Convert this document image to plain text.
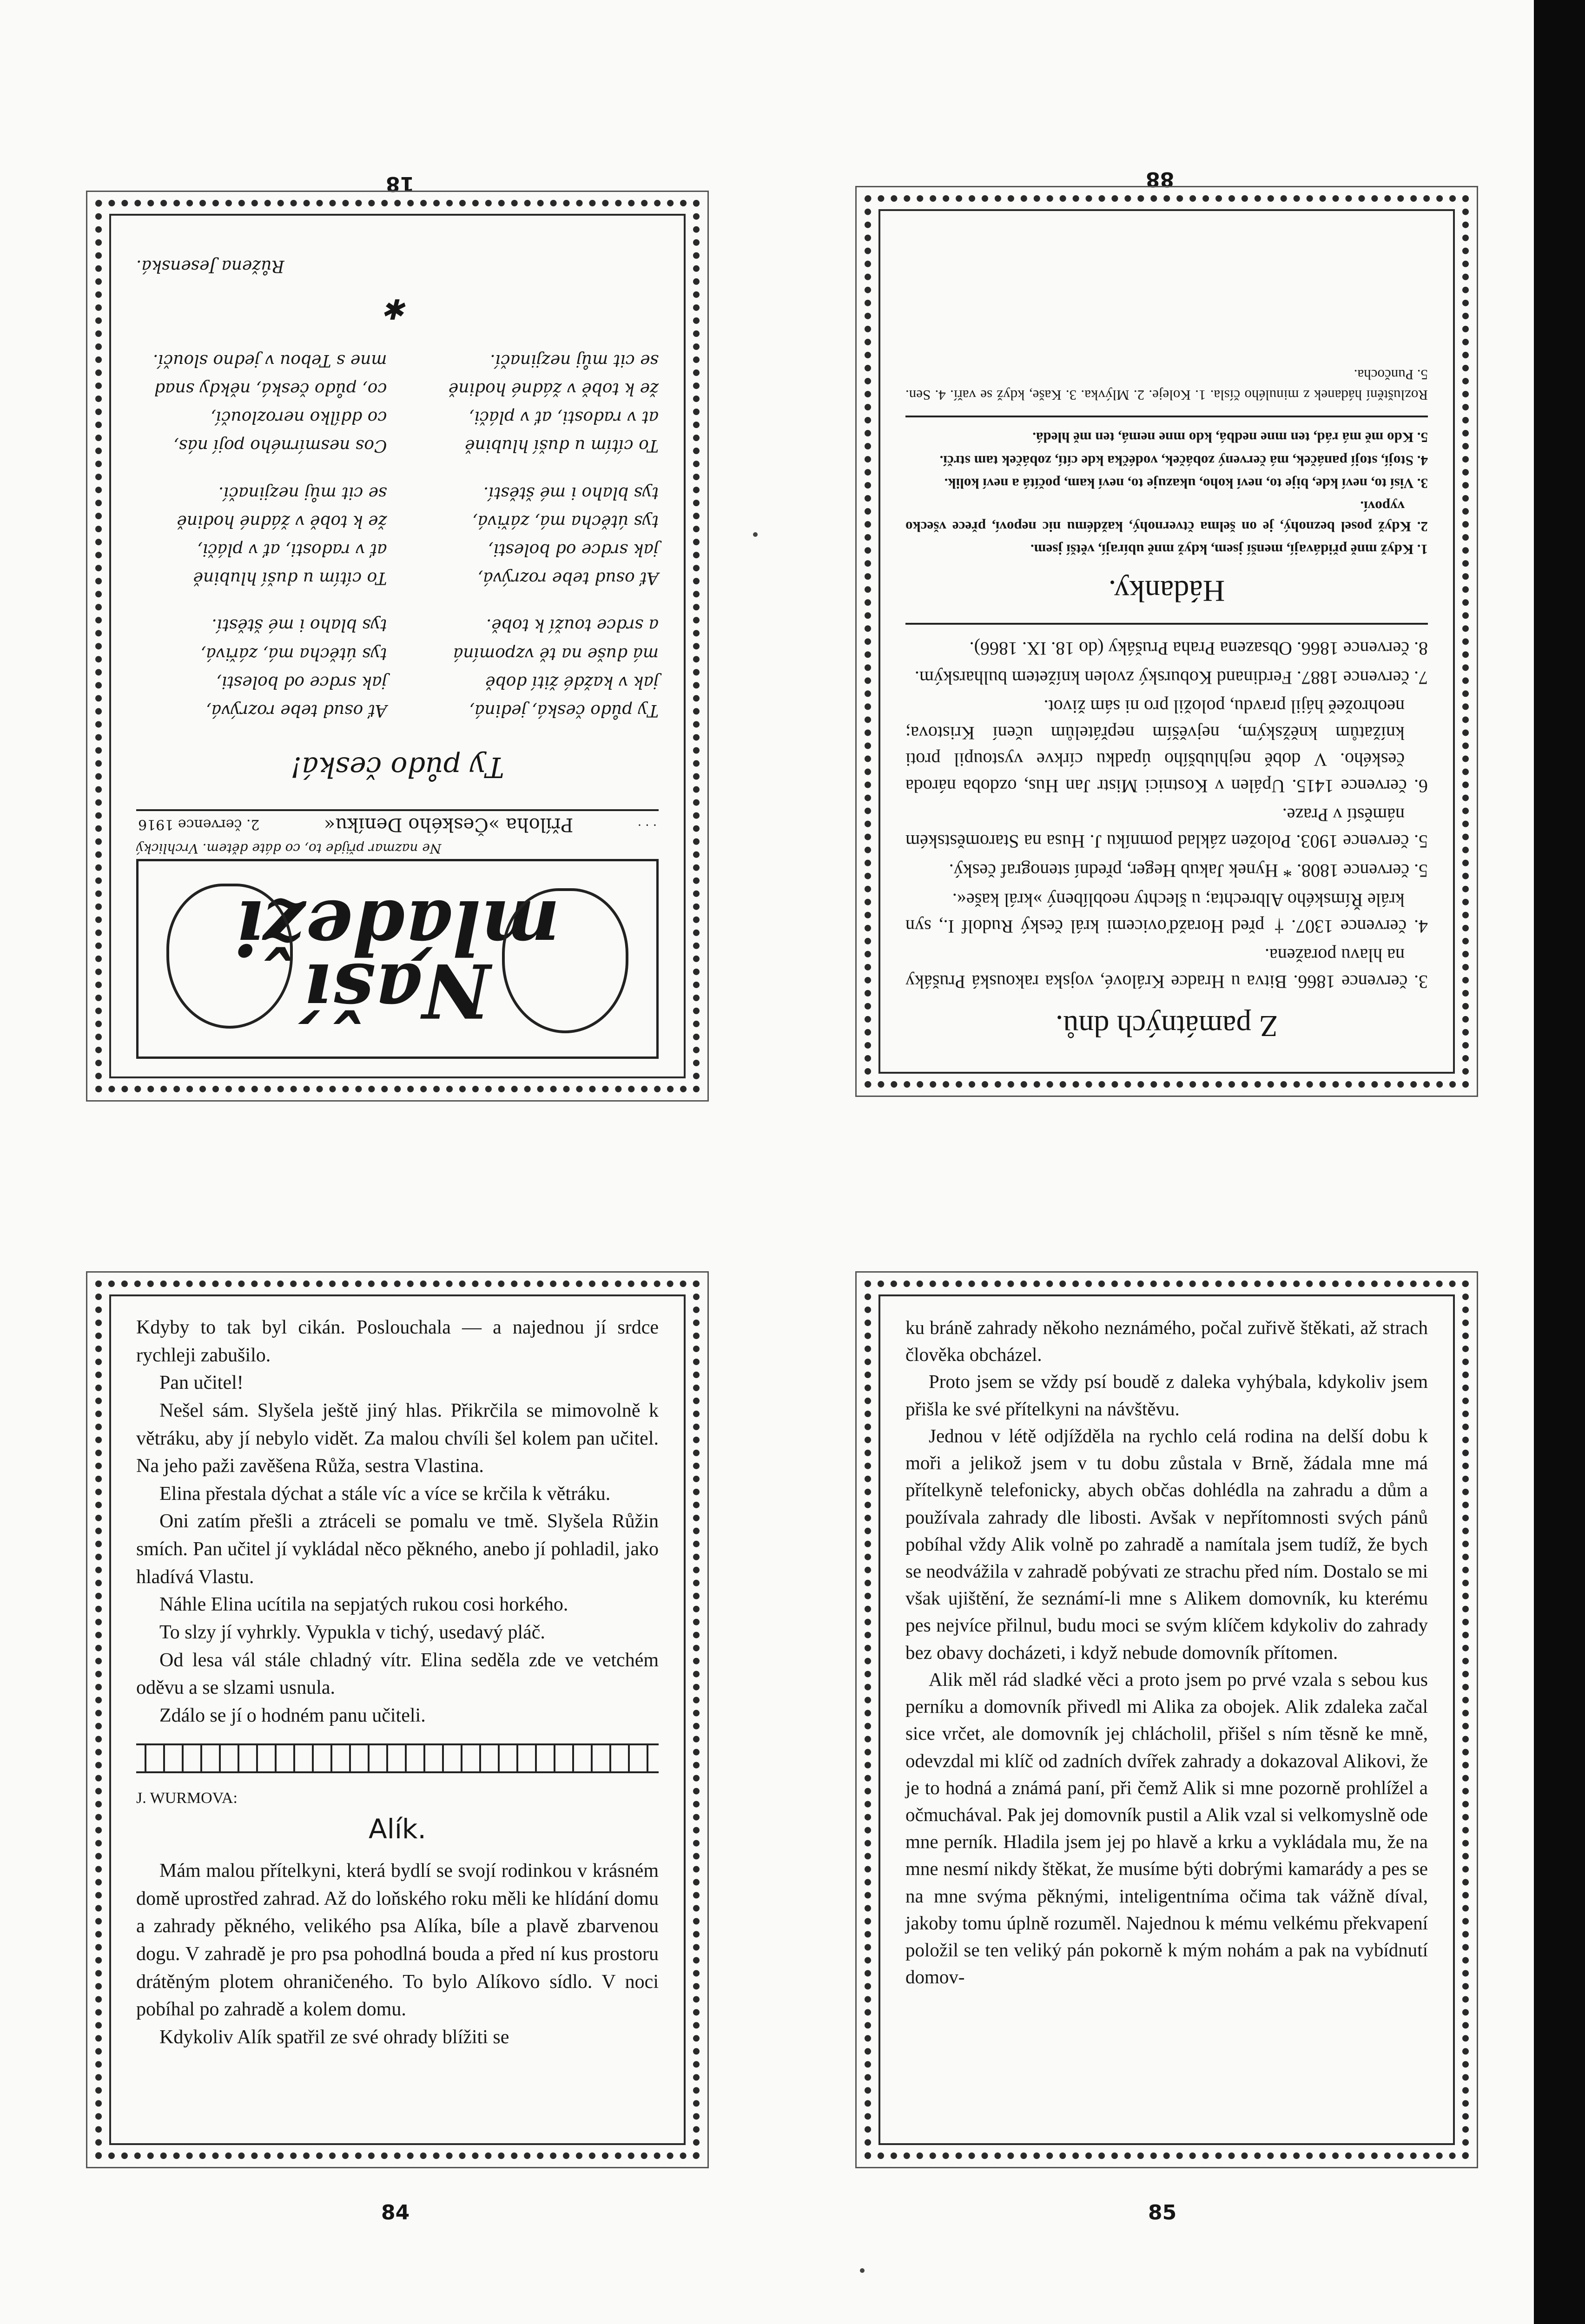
18
Naší mládeži
Ne nazmar přijde to, co dáte dětem. Vrchlický
· · ·
Příloha »Českého Deníku«
2. července 1916
Ty půdo česká!
Ty půdo česká, jediná,
jak v každé žití době
má duše na tě vzpomíná
a srdce touží k tobě.
Ať osud tebe rozrývá,
jak srdce od bolesti,
tys útěcha má, zářivá,
tys blaho i mé štěstí.
To cítím u duší hlubině
at v radosti, ať v pláči,
že k tobě v žádné hodině
se cit můj nezjinačí.
Ať osud tebe rozrývá,
jak srdce od bolesti,
tys útěcha má, zářivá,
tys blaho i mé štěstí.
To cítím u duší hlubině
ať v radosti, ať v pláči,
že k tobě v žádné hodině
se cit můj nezjinačí.
Cos nesmírného pojí nás,
co ddílko nerozloučí,
co, půdo česká, někdy snad
mne s Tebou v jedno sloučí.
✱
Růžena Jesenská.
88
Z památných dnů.
3. července 1866. Bitva u Hradce Králové, vojska rakouská Prušáky na hlavu poražena.
4. července 1307. † před Horažďovicemi král český Rudolf I., syn krále Římského Albrechta; u šlechty neoblíbený »král kaše«.
5. července 1808. * Hynek Jakub Heger, přední stenograf český.
5. července 1903. Položen základ pomníku J. Husa na Staroměstském náměstí v Praze.
6. července 1415. Upálen v Kostnici Mistr Jan Hus, ozdoba národa českého. V době nejhlubšího úpadku církve vystoupil proti knížatům kněžským, nejvěším nepřátelům učení Kristova; neohrožeě hájil pravdu, položil pro ni sám život.
7. července 1887. Ferdinand Koburský zvolen knížetem bulharským.
8. července 1866. Obsazena Praha Prušáky (do 18. IX. 1866).
Hádanky.
1. Když mně přidávají, menší jsem, když mně ubírají, větší jsem.
2. Když posel beznohý, je on šelma čtvernohý, každému nic nepoví, přece všecko vypoví.
3. Visí to, neví kde, bije to, neví koho, ukazuje to, neví kam, počítá a neví kolik.
4. Stojí, stojí panáček, má červený zobáček, vodéčka kde cítí, zobáček tam strčí.
5. Kdo mě má rád, ten mne nedbá, kdo mne nemá, ten mě hledá.
Rozluštění hádanek z minulého čísla. 1. Koleje. 2. Mlývka. 3. Kaše, když se vaří. 4. Sen. 5. Punčocha.

Kdyby to tak byl cikán. Poslouchala — a najednou jí srdce rychleji zabušilo.

Pan učitel!

Nešel sám. Slyšela ještě jiný hlas. Přikrčila se mimovolně k větráku, aby jí nebylo vidět. Za malou chvíli šel kolem pan učitel. Na jeho paži zavěšena Růža, sestra Vlastina.

Elina přestala dýchat a stále víc a více se krčila k větráku.

Oni zatím přešli a ztráceli se pomalu ve tmě. Slyšela Růžin smích. Pan učitel jí vykládal něco pěkného, anebo jí pohladil, jako hladívá Vlastu.

Náhle Elina ucítila na sepjatých rukou cosi horkého.

To slzy jí vyhrkly. Vypukla v tichý, usedavý pláč.

Od lesa vál stále chladný vítr. Elina seděla zde ve vetchém oděvu a se slzami usnula.

Zdálo se jí o hodném panu učiteli.

J. WURMOVA:
Alík.

Mám malou přítelkyni, která bydlí se svojí rodinkou v krásném domě uprostřed zahrad. Až do loňského roku měli ke hlídání domu a zahrady pěkného, velikého psa Alíka, bíle a plavě zbarvenou dogu. V zahradě je pro psa pohodlná bouda a před ní kus prostoru drátěným plotem ohraničeného. To bylo Alíkovo sídlo. V noci pobíhal po zahradě a kolem domu.

Kdykoliv Alík spatřil ze své ohrady blížiti se

84

ku bráně zahrady někoho neznámého, počal zuřivě štěkati, až strach člověka obcházel.

Proto jsem se vždy psí boudě z daleka vyhýbala, kdykoliv jsem přišla ke své přítelkyni na návštěvu.

Jednou v létě odjížděla na rychlo celá rodina na delší dobu k moři a jelikož jsem v tu dobu zůstala v Brně, žádala mne má přítelkyně telefonicky, abych občas dohlédla na zahradu a dům a používala zahrady dle libosti. Avšak v nepřítomnosti svých pánů pobíhal vždy Alik volně po zahradě a namítala jsem tudíž, že bych se neodvážila v zahradě pobývati ze strachu před ním. Dostalo se mi však ujištění, že seznámí-li mne s Alikem domovník, ku kterému pes nejvíce přilnul, budu moci se svým klíčem kdykoliv do zahrady bez obavy docházeti, i když nebude domovník přítomen.

Alik měl rád sladké věci a proto jsem po prvé vzala s sebou kus perníku a domovník přivedl mi Alika za obojek. Alik zdaleka začal sice vrčet, ale domovník jej chlácholil, přišel s ním těsně ke mně, odevzdal mi klíč od zadních dvířek zahrady a dokazoval Alikovi, že je to hodná a známá paní, při čemž Alik si mne pozorně prohlížel a očmuchával. Pak jej domovník pustil a Alik vzal si velkomyslně ode mne perník. Hladila jsem jej po hlavě a krku a vykládala mu, že na mne nesmí nikdy štěkat, že musíme býti dobrými kamarády a pes se na mne svýma pěknými, inteligentníma očima tak vážně díval, jakoby tomu úplně rozuměl. Najednou k mému velkému překvapení položil se ten veliký pán pokorně k mým nohám a pak na vybídnutí domov-

85
